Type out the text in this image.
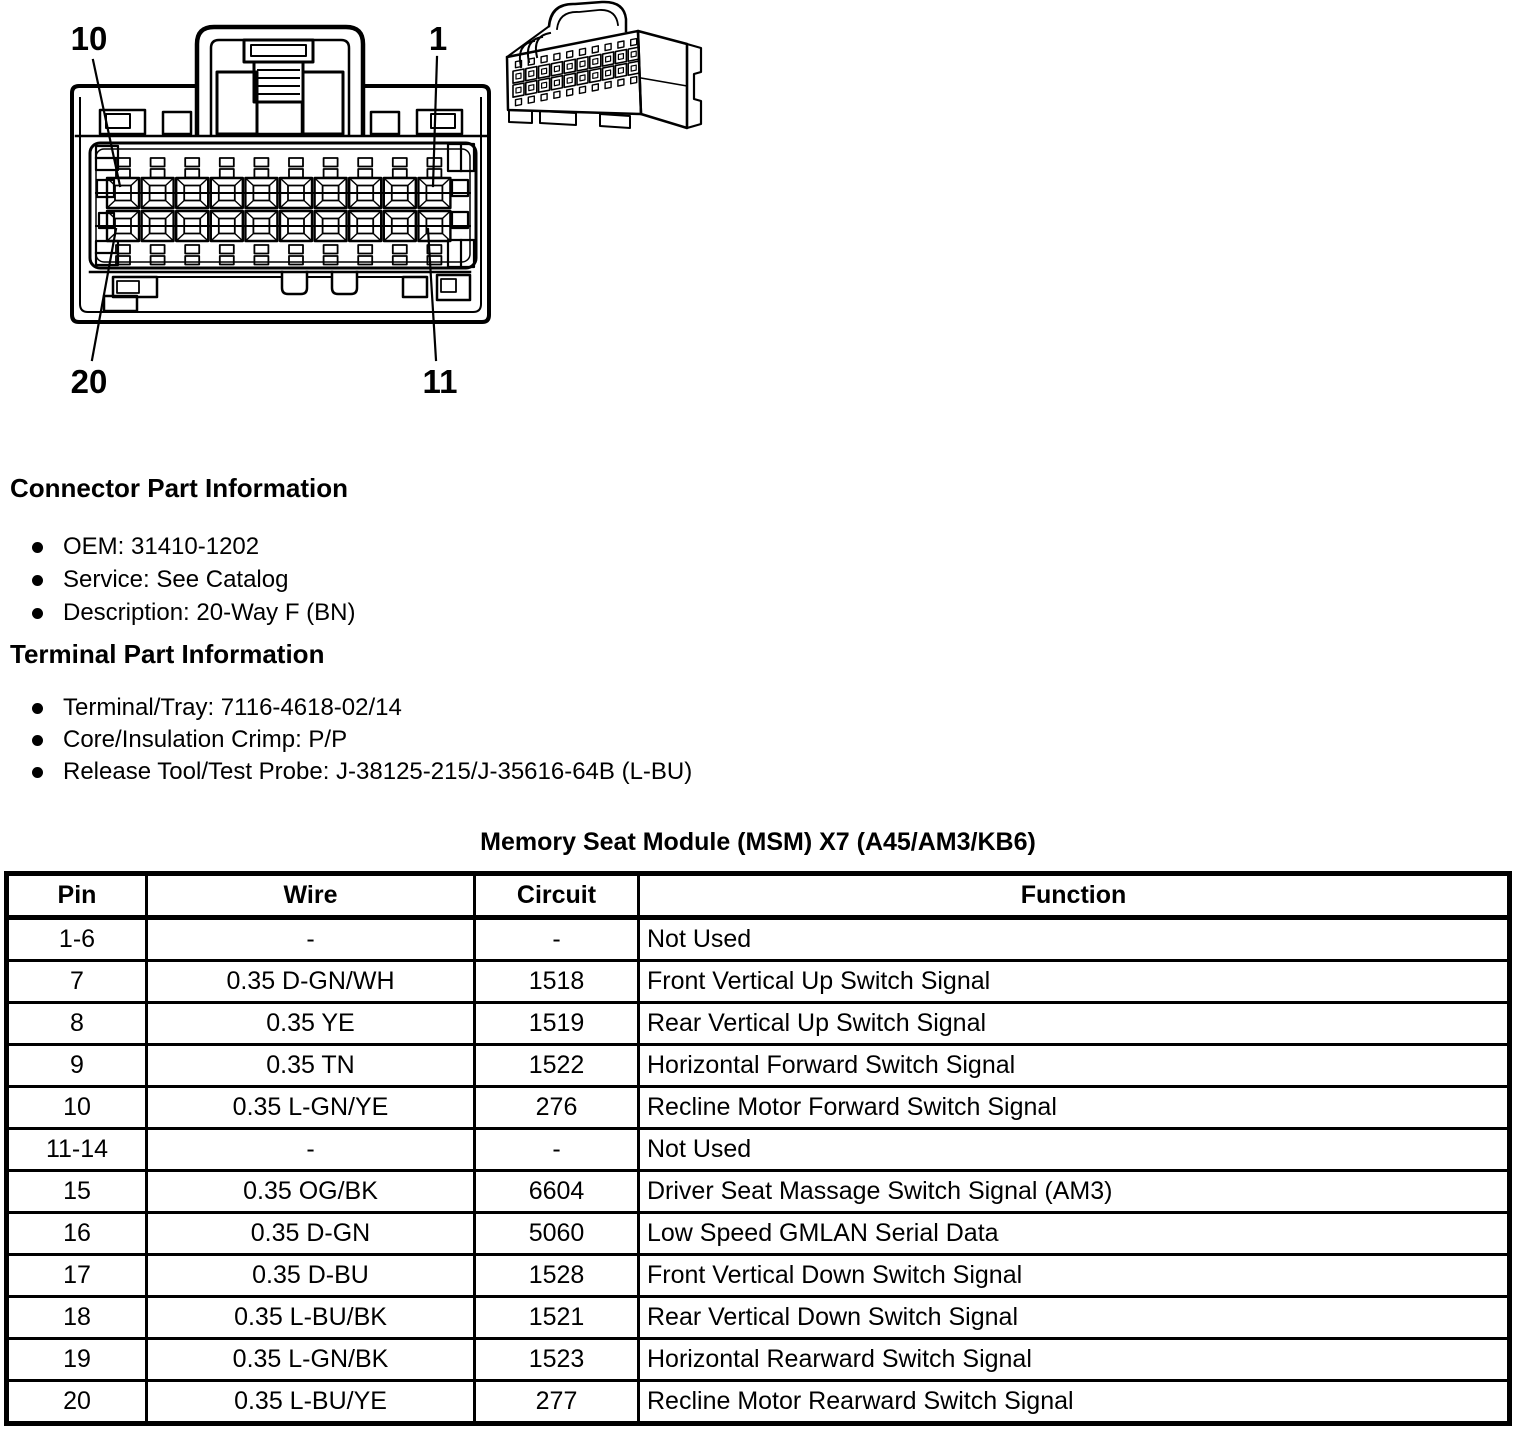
10	1
20	11
Connector Part Information
OEM: 31410-1202
Service: See Catalog
Description: 20-Way F (BN)
Terminal Part Information
Terminal/Tray: 7116-4618-02/14
Core/Insulation Crimp: P/P
Release Tool/Test Probe: J-38125-215/J-35616-64B (L-BU)
Memory Seat Module (MSM) X7 (A45/AM3/KB6)
Pin	Wire	Circuit	Function
1-6	-	-	Not Used
7	0.35 D-GN/WH	1518	Front Vertical Up Switch Signal
8	0.35 YE	1519	Rear Vertical Up Switch Signal
9	0.35 TN	1522	Horizontal Forward Switch Signal
10	0.35 L-GN/YE	276	Recline Motor Forward Switch Signal
11-14	-	-	Not Used
15	0.35 OG/BK	6604	Driver Seat Massage Switch Signal (AM3)
16	0.35 D-GN	5060	Low Speed GMLAN Serial Data
17	0.35 D-BU	1528	Front Vertical Down Switch Signal
18	0.35 L-BU/BK	1521	Rear Vertical Down Switch Signal
19	0.35 L-GN/BK	1523	Horizontal Rearward Switch Signal
20	0.35 L-BU/YE	277	Recline Motor Rearward Switch Signal
